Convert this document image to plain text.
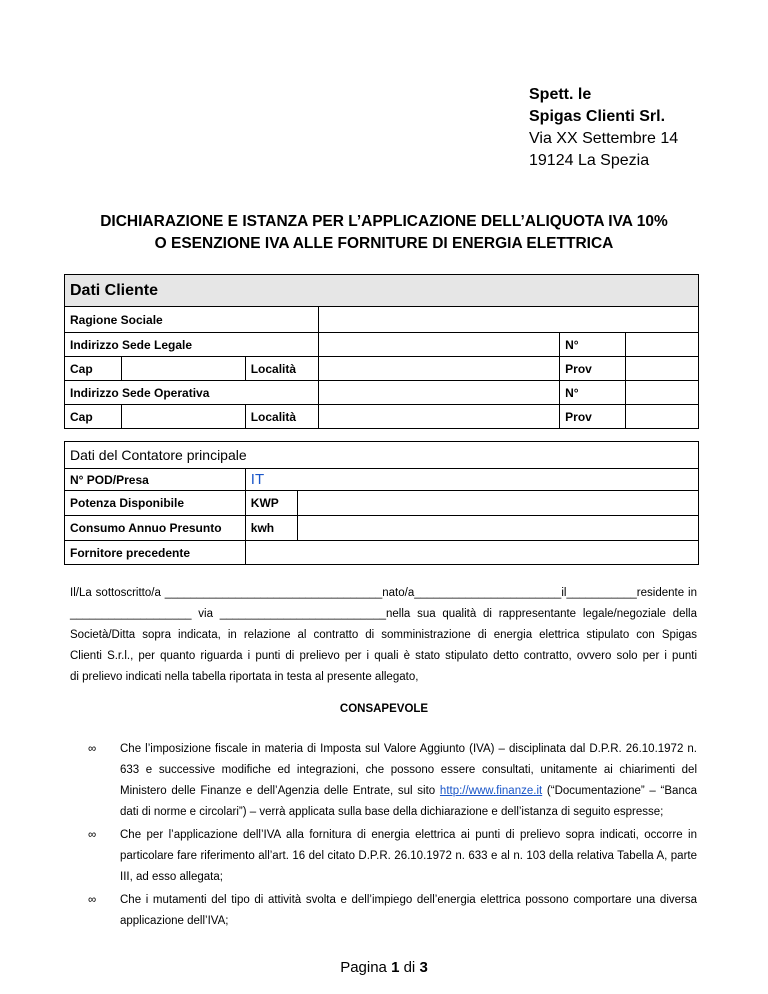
Spett. le
Spigas Clienti Srl.
Via XX Settembre 14
19124 La Spezia
DICHIARAZIONE E ISTANZA PER L’APPLICAZIONE DELL’ALIQUOTA IVA 10%
O ESENZIONE IVA ALLE FORNITURE DI ENERGIA ELETTRICA
Dati Cliente					
Ragione Sociale					
Indirizzo Sede Legale				N°	
Cap		Località		Prov	
Indirizzo Sede Operativa				N°	
Cap		Località		Prov	
Dati del Contatore principale		
N° POD/Presa	IT	
Potenza Disponibile	KWP	
Consumo Annuo Presunto	kwh	
Fornitore precedente		
Il/La sottoscritto/a __________________________________nato/a_______________________il___________residente in
___________________ via __________________________nella sua qualità di rappresentante legale/negoziale della
Società/Ditta sopra indicata, in relazione al contratto di somministrazione di energia elettrica stipulato con Spigas
Clienti S.r.l., per quanto riguarda i punti di prelievo per i quali è stato stipulato detto contratto, ovvero solo per i punti
di prelievo indicati nella tabella riportata in testa al presente allegato,
CONSAPEVOLE
∞ Che l’imposizione fiscale in materia di Imposta sul Valore Aggiunto (IVA) – disciplinata dal D.P.R. 26.10.1972 n. 633 e successive modifiche ed integrazioni, che possono essere consultati, unitamente ai chiarimenti del Ministero delle Finanze e dell’Agenzia delle Entrate, sul sito http://www.finanze.it (“Documentazione” – “Banca dati di norme e circolari”) – verrà applicata sulla base della dichiarazione e dell’istanza di seguito espresse;
∞ Che per l’applicazione dell’IVA alla fornitura di energia elettrica ai punti di prelievo sopra indicati, occorre in particolare fare riferimento all’art. 16 del citato D.P.R. 26.10.1972 n. 633 e al n. 103 della relativa Tabella A, parte III, ad esso allegata;
∞ Che i mutamenti del tipo di attività svolta e dell’impiego dell’energia elettrica possono comportare una diversa applicazione dell’IVA;
Pagina 1 di 3
